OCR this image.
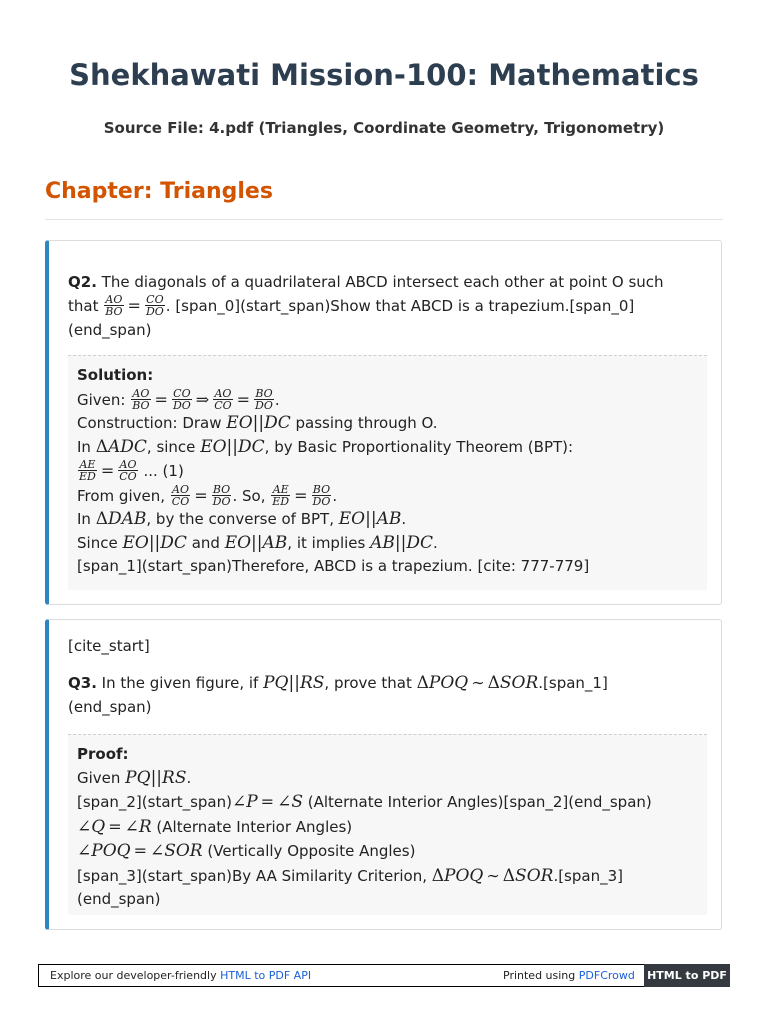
Shekhawati Mission-100: Mathematics
Source File: 4.pdf (Triangles, Coordinate Geometry, Trigonometry)
Chapter: Triangles
Q2. The diagonals of a quadrilateral ABCD intersect each other at point O such
that $\frac{AO}{BO} = \frac{CO}{DO}$ . [span_0](start_span)Show that ABCD is a trapezium.[span_0]
(end_span)
Solution:
Given: $\frac{AO}{BO} = \frac{CO}{DO}$ ⇒ $\frac{AO}{CO} = \frac{BO}{DO}$ .
Construction: Draw EO||DC passing through O.
In ΔADC, since EO||DC, by Basic Proportionality Theorem (BPT):
$\frac{AE}{ED} = \frac{AO}{CO}$ ... (1)
From given, $\frac{AO}{CO} = \frac{BO}{DO}$ . So, $\frac{AE}{ED} = \frac{BO}{DO}$ .
In ΔDAB, by the converse of BPT, EO||AB.
Since EO||DC and EO||AB, it implies AB||DC.
[span_1](start_span)Therefore, ABCD is a trapezium. [cite: 777-779]
[cite_start]
Q3. In the given figure, if PQ||RS, prove that ΔPOQ ∼ ΔSOR.[span_1]
(end_span)
Proof:
Given PQ||RS.
[span_2](start_span)∠P = ∠S (Alternate Interior Angles)[span_2](end_span)
∠Q = ∠R (Alternate Interior Angles)
∠POQ = ∠SOR (Vertically Opposite Angles)
[span_3](start_span)By AA Similarity Criterion, ΔPOQ ∼ ΔSOR.[span_3]
(end_span)
Explore our developer-friendly HTML to PDF API	Printed using PDFCrowd HTML to PDF
